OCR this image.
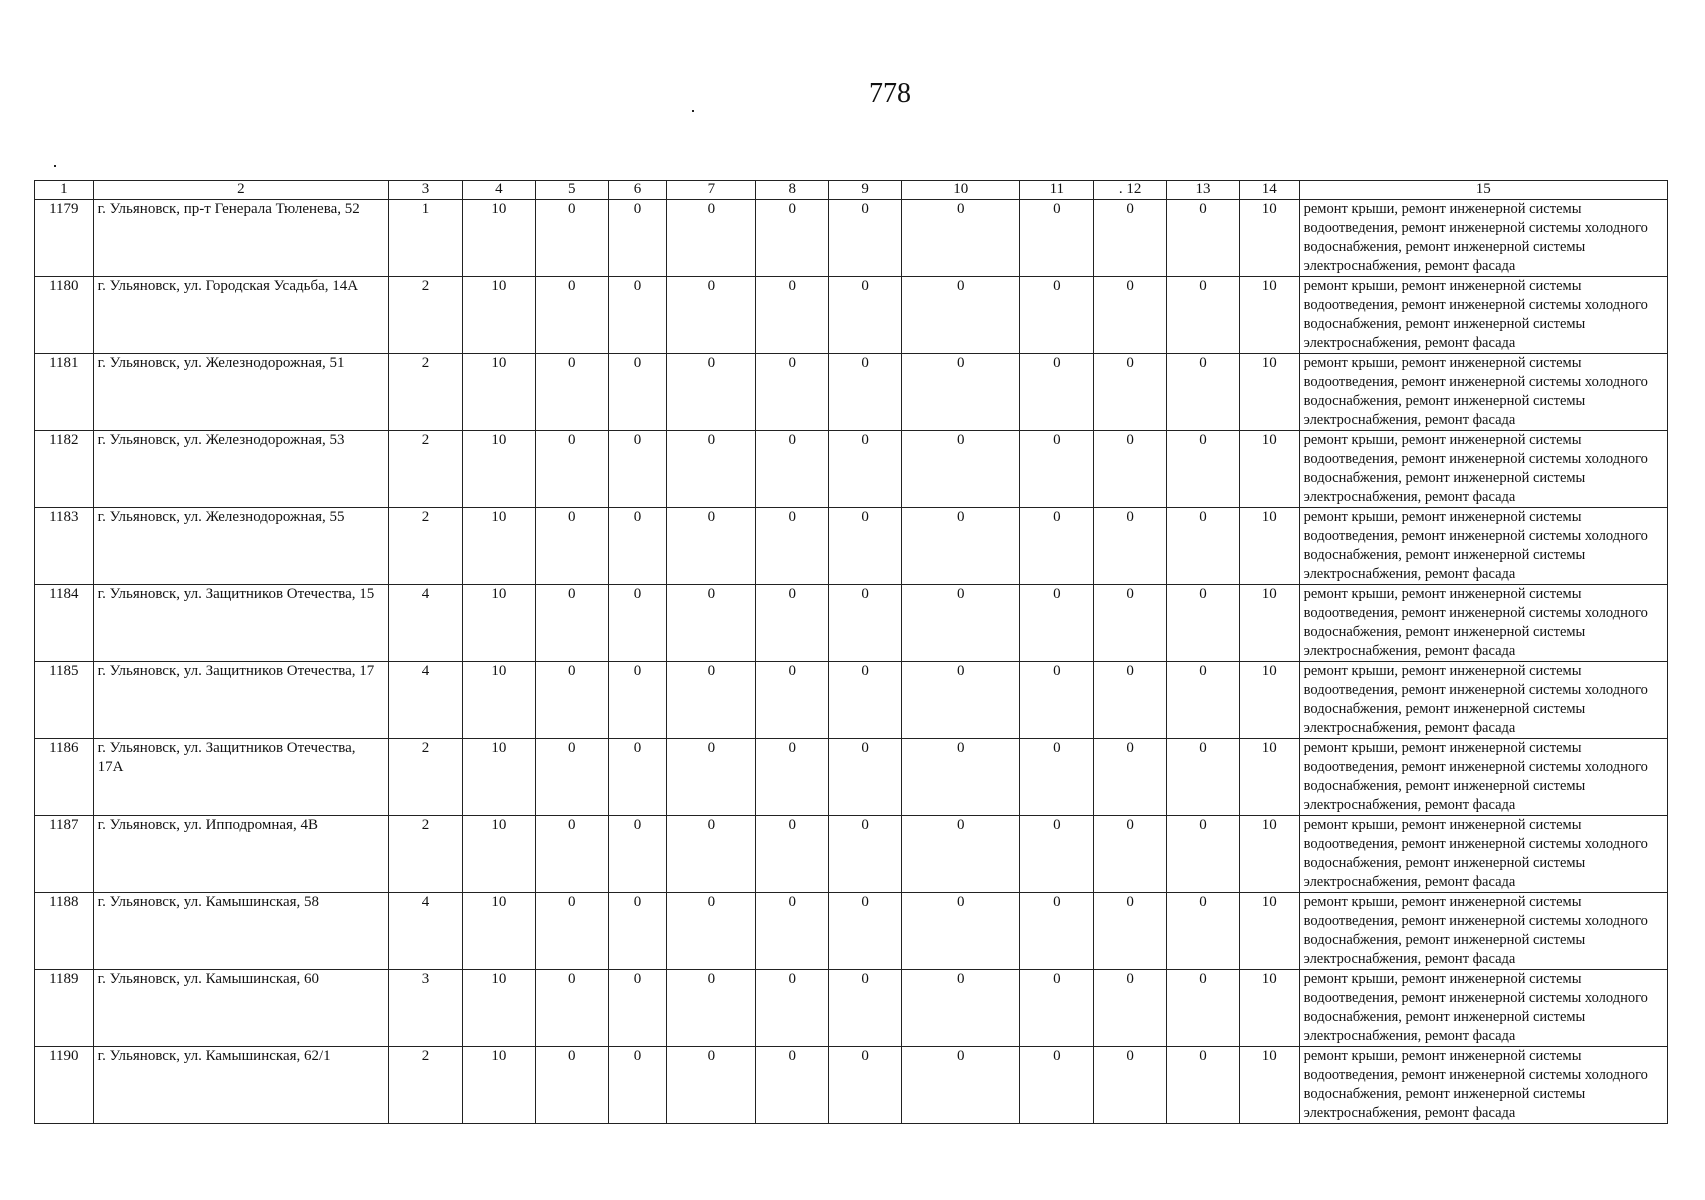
778
1	2	3	4	5	6	7	8	9	10	11	. 12	13	14	15
1179	г. Ульяновск, пр-т Генерала Тюленева, 52	1	10	0	0	0	0	0	0	0	0	0	10	ремонт крыши, ремонт инженерной системы водоотведения, ремонт инженерной системы холодного водоснабжения, ремонт инженерной системы электроснабжения, ремонт фасада
1180	г. Ульяновск, ул. Городская Усадьба, 14А	2	10	0	0	0	0	0	0	0	0	0	10	ремонт крыши, ремонт инженерной системы водоотведения, ремонт инженерной системы холодного водоснабжения, ремонт инженерной системы электроснабжения, ремонт фасада
1181	г. Ульяновск, ул. Железнодорожная, 51	2	10	0	0	0	0	0	0	0	0	0	10	ремонт крыши, ремонт инженерной системы водоотведения, ремонт инженерной системы холодного водоснабжения, ремонт инженерной системы электроснабжения, ремонт фасада
1182	г. Ульяновск, ул. Железнодорожная, 53	2	10	0	0	0	0	0	0	0	0	0	10	ремонт крыши, ремонт инженерной системы водоотведения, ремонт инженерной системы холодного водоснабжения, ремонт инженерной системы электроснабжения, ремонт фасада
1183	г. Ульяновск, ул. Железнодорожная, 55	2	10	0	0	0	0	0	0	0	0	0	10	ремонт крыши, ремонт инженерной системы водоотведения, ремонт инженерной системы холодного водоснабжения, ремонт инженерной системы электроснабжения, ремонт фасада
1184	г. Ульяновск, ул. Защитников Отечества, 15	4	10	0	0	0	0	0	0	0	0	0	10	ремонт крыши, ремонт инженерной системы водоотведения, ремонт инженерной системы холодного водоснабжения, ремонт инженерной системы электроснабжения, ремонт фасада
1185	г. Ульяновск, ул. Защитников Отечества, 17	4	10	0	0	0	0	0	0	0	0	0	10	ремонт крыши, ремонт инженерной системы водоотведения, ремонт инженерной системы холодного водоснабжения, ремонт инженерной системы электроснабжения, ремонт фасада
1186	г. Ульяновск, ул. Защитников Отечества, 17А	2	10	0	0	0	0	0	0	0	0	0	10	ремонт крыши, ремонт инженерной системы водоотведения, ремонт инженерной системы холодного водоснабжения, ремонт инженерной системы электроснабжения, ремонт фасада
1187	г. Ульяновск, ул. Ипподромная, 4В	2	10	0	0	0	0	0	0	0	0	0	10	ремонт крыши, ремонт инженерной системы водоотведения, ремонт инженерной системы холодного водоснабжения, ремонт инженерной системы электроснабжения, ремонт фасада
1188	г. Ульяновск, ул. Камышинская, 58	4	10	0	0	0	0	0	0	0	0	0	10	ремонт крыши, ремонт инженерной системы водоотведения, ремонт инженерной системы холодного водоснабжения, ремонт инженерной системы электроснабжения, ремонт фасада
1189	г. Ульяновск, ул. Камышинская, 60	3	10	0	0	0	0	0	0	0	0	0	10	ремонт крыши, ремонт инженерной системы водоотведения, ремонт инженерной системы холодного водоснабжения, ремонт инженерной системы электроснабжения, ремонт фасада
1190	г. Ульяновск, ул. Камышинская, 62/1	2	10	0	0	0	0	0	0	0	0	0	10	ремонт крыши, ремонт инженерной системы водоотведения, ремонт инженерной системы холодного водоснабжения, ремонт инженерной системы электроснабжения, ремонт фасада
